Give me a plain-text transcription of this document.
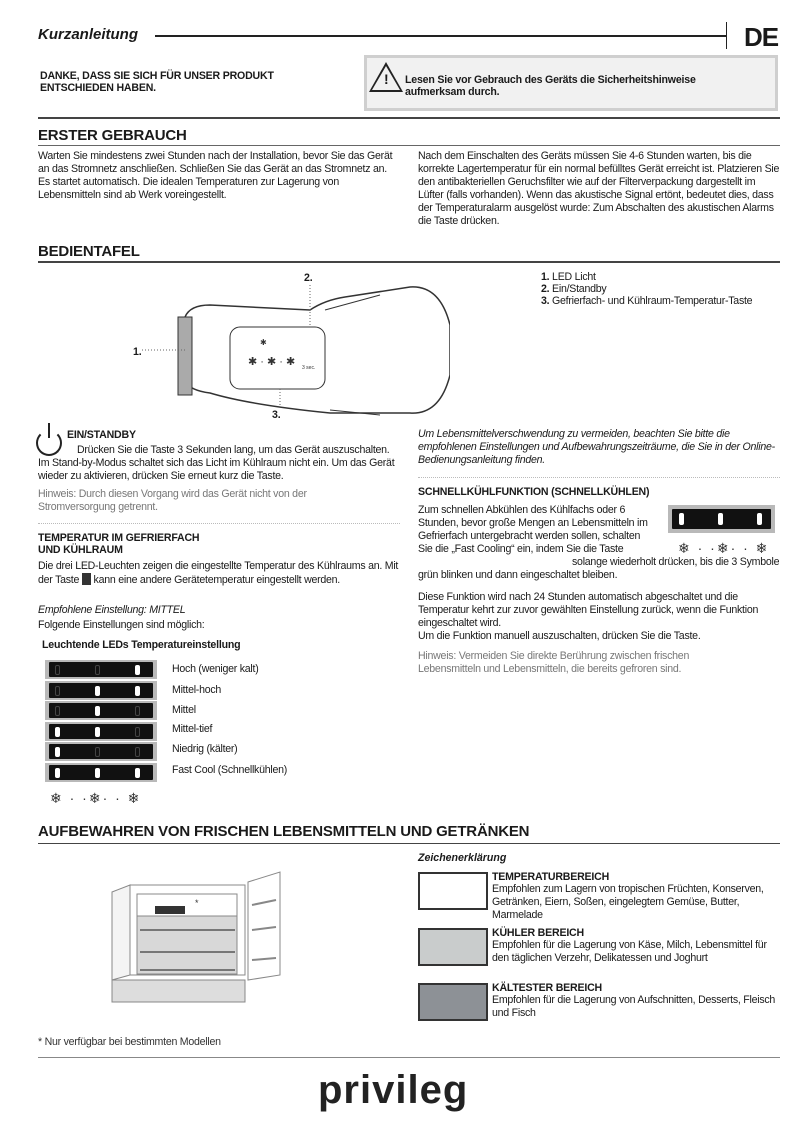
Kurzanleitung	DE
DANKE, DASS SIE SICH FÜR UNSER PRODUKT ENTSCHIEDEN HABEN.
! Lesen Sie vor Gebrauch des Geräts die Sicherheitshinweise aufmerksam durch.
ERSTER GEBRAUCH
Warten Sie mindestens zwei Stunden nach der Installation, bevor Sie das Gerät an das Stromnetz anschließen. Schließen Sie das Gerät an das Stromnetz an. Es startet automatisch. Die idealen Temperaturen zur Lagerung von Lebensmitteln sind ab Werk voreingestellt.
Nach dem Einschalten des Geräts müssen Sie 4-6 Stunden warten, bis die korrekte Lagertemperatur für ein normal befülltes Gerät erreicht ist. Platzieren Sie den antibakteriellen Geruchsfilter wie auf der Filterverpackung dargestellt im Lüfter (falls vorhanden). Wenn das akustische Signal ertönt, bedeutet dies, dass der Temperaturalarm ausgelöst wurde: Zum Abschalten des akustischen Alarms die Taste drücken.
BEDIENTAFEL
✱ · ✱ · ✱
✱
3 sec.
1.
2.
3.
1. LED Licht
2. Ein/Standby
3. Gefrierfach- und Kühlraum-Temperatur-Taste
EIN/STANDBY
Drücken Sie die Taste 3 Sekunden lang, um das Gerät auszuschalten.
Im Stand-by-Modus schaltet sich das Licht im Kühlraum nicht ein. Um das Gerät wieder zu aktivieren, drücken Sie erneut kurz die Taste.
Hinweis: Durch diesen Vorgang wird das Gerät nicht von der Stromversorgung getrennt.
TEMPERATUR IM GEFRIERFACH
UND KÜHLRAUM
Die drei LED-Leuchten zeigen die eingestellte Temperatur des Kühlraums an. Mit der Taste kann eine andere Gerätetemperatur eingestellt werden.
Empfohlene Einstellung: MITTEL
Folgende Einstellungen sind möglich:
Leuchtende LEDs Temperatureinstellung
Hoch (weniger kalt)
Mittel-hoch
Mittel
Mittel-tief
Niedrig (kälter)
Fast Cool (Schnellkühlen)
❄ · ·❄· · ❄
Um Lebensmittelverschwendung zu vermeiden, beachten Sie bitte die empfohlenen Einstellungen und Aufbewahrungszeiträume, die Sie in der Online-Bedienungsanleitung finden.
SCHNELLKÜHLFUNKTION (SCHNELLKÜHLEN)
Zum schnellen Abkühlen des Kühlfachs oder 6 Stunden, bevor große Mengen an Lebensmitteln im Gefrierfach untergebracht werden sollen, schalten Sie die „Fast Cooling“ ein, indem Sie die Taste
solange wiederholt drücken, bis die 3 Symbole grün blinken und dann eingeschaltet bleiben.
Diese Funktion wird nach 24 Stunden automatisch abgeschaltet und die Temperatur kehrt zur zuvor gewählten Einstellung zurück, wenn die Funktion eingeschaltet wird.
Um die Funktion manuell auszuschalten, drücken Sie die Taste.
Hinweis: Vermeiden Sie direkte Berührung zwischen frischen Lebensmitteln und Lebensmitteln, die bereits gefroren sind.
❄ · ·❄· · ❄
AUFBEWAHREN VON FRISCHEN LEBENSMITTELN UND GETRÄNKEN
*
Zeichenerklärung
TEMPERATURBEREICH
Empfohlen zum Lagern von tropischen Früchten, Konserven, Getränken, Eiern, Soßen, eingelegtem Gemüse, Butter, Marmelade
KÜHLER BEREICH
Empfohlen für die Lagerung von Käse, Milch, Lebensmittel für den täglichen Verzehr, Delikatessen und Joghurt
KÄLTESTER BEREICH
Empfohlen für die Lagerung von Aufschnitten, Desserts, Fleisch und Fisch
* Nur verfügbar bei bestimmten Modellen
privileg
